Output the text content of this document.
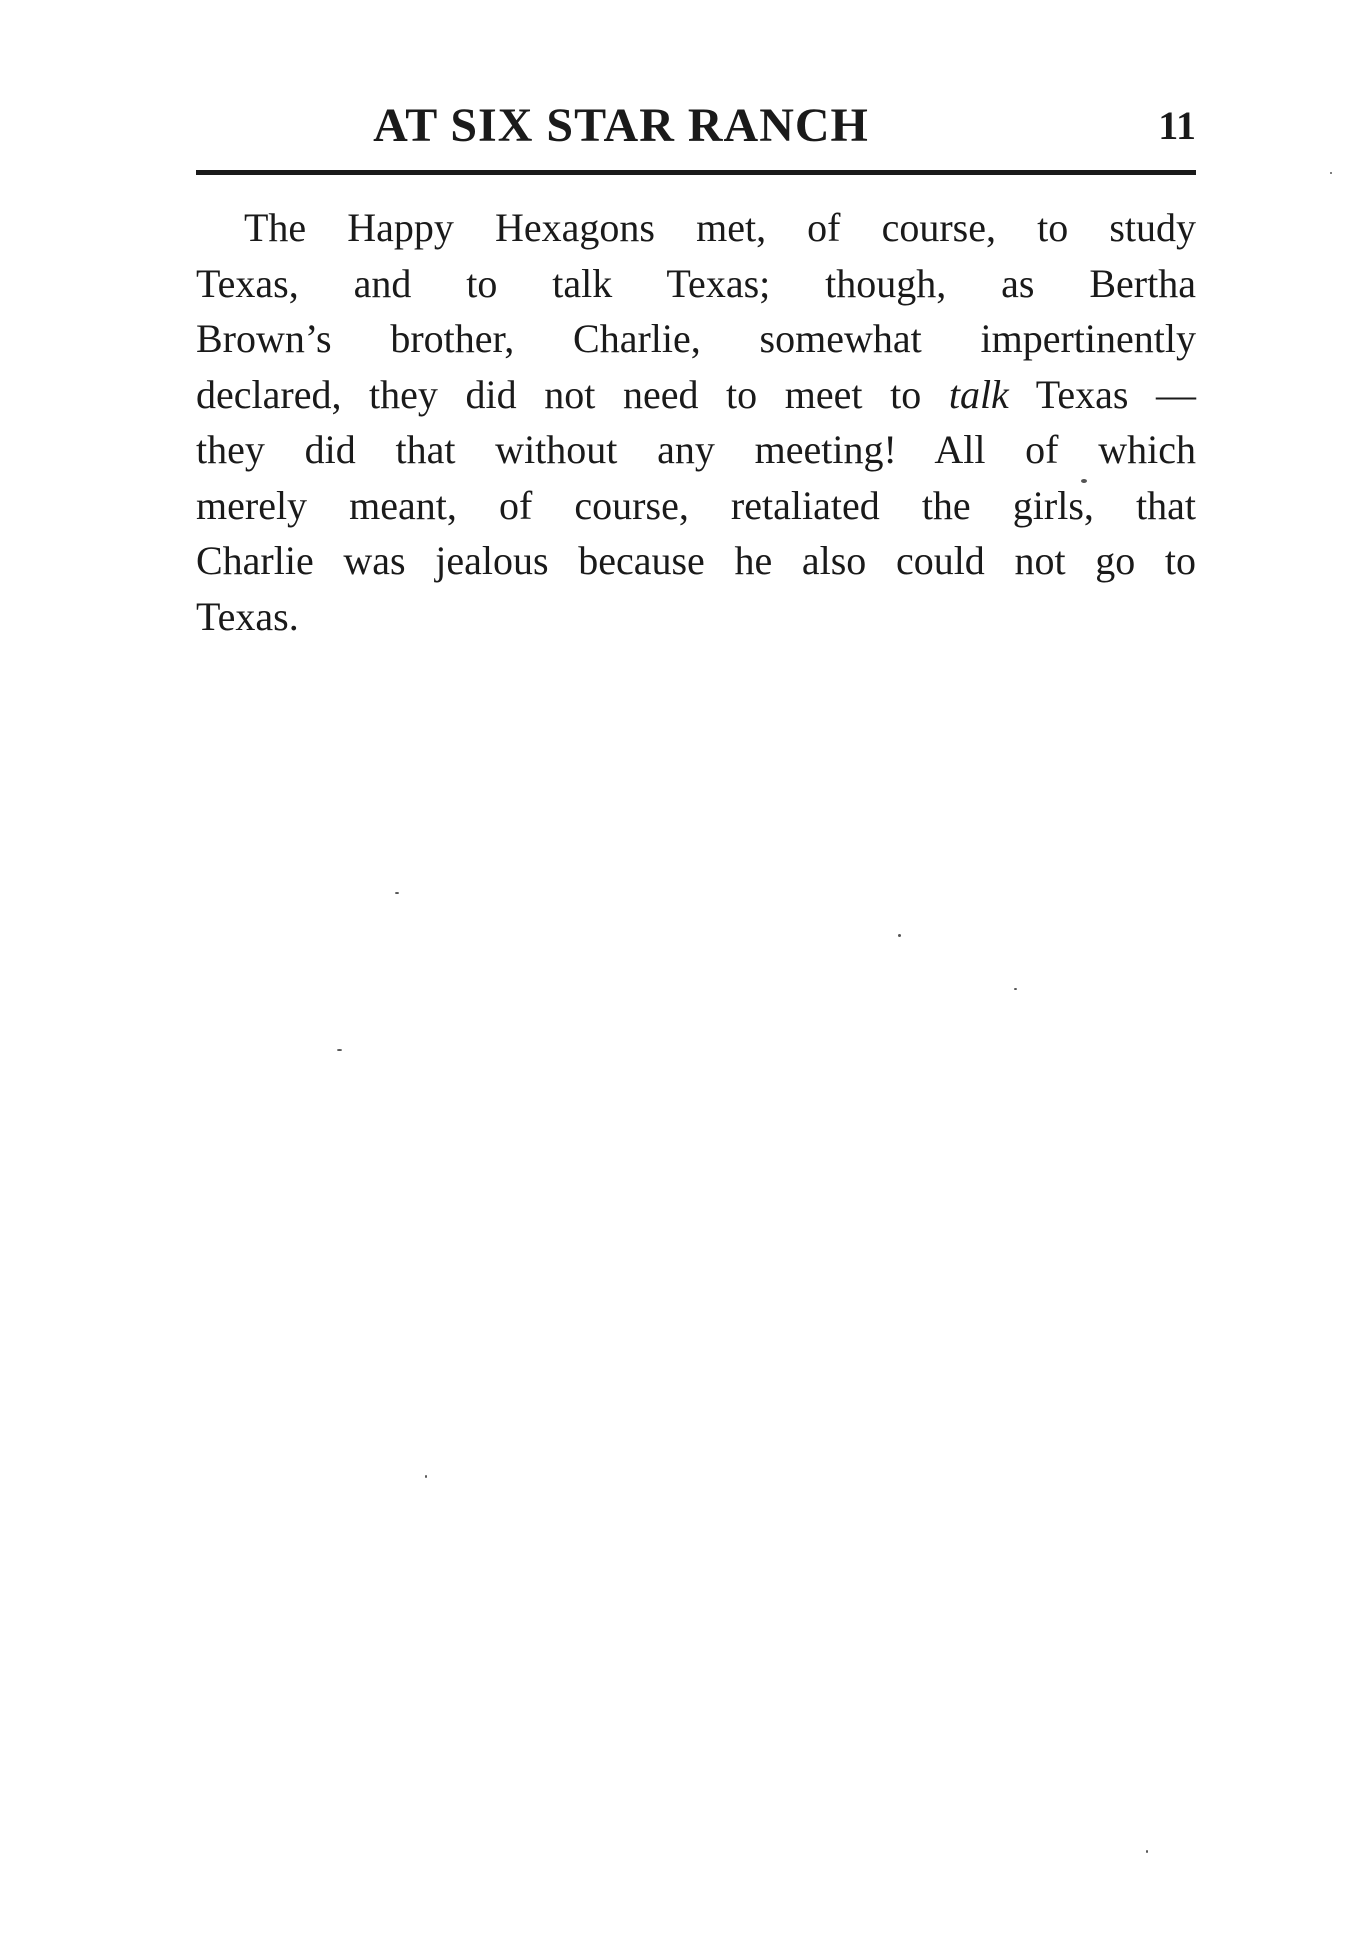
AT SIX STAR RANCH	11
The Happy Hexagons met, of course, to study
Texas, and to talk Texas; though, as Bertha
Brown’s brother, Charlie, somewhat impertinently
declared, they did not need to meet to talk Texas —
they did that without any meeting! All of which
merely meant, of course, retaliated the girls, that
Charlie was jealous because he also could not go to
Texas.
